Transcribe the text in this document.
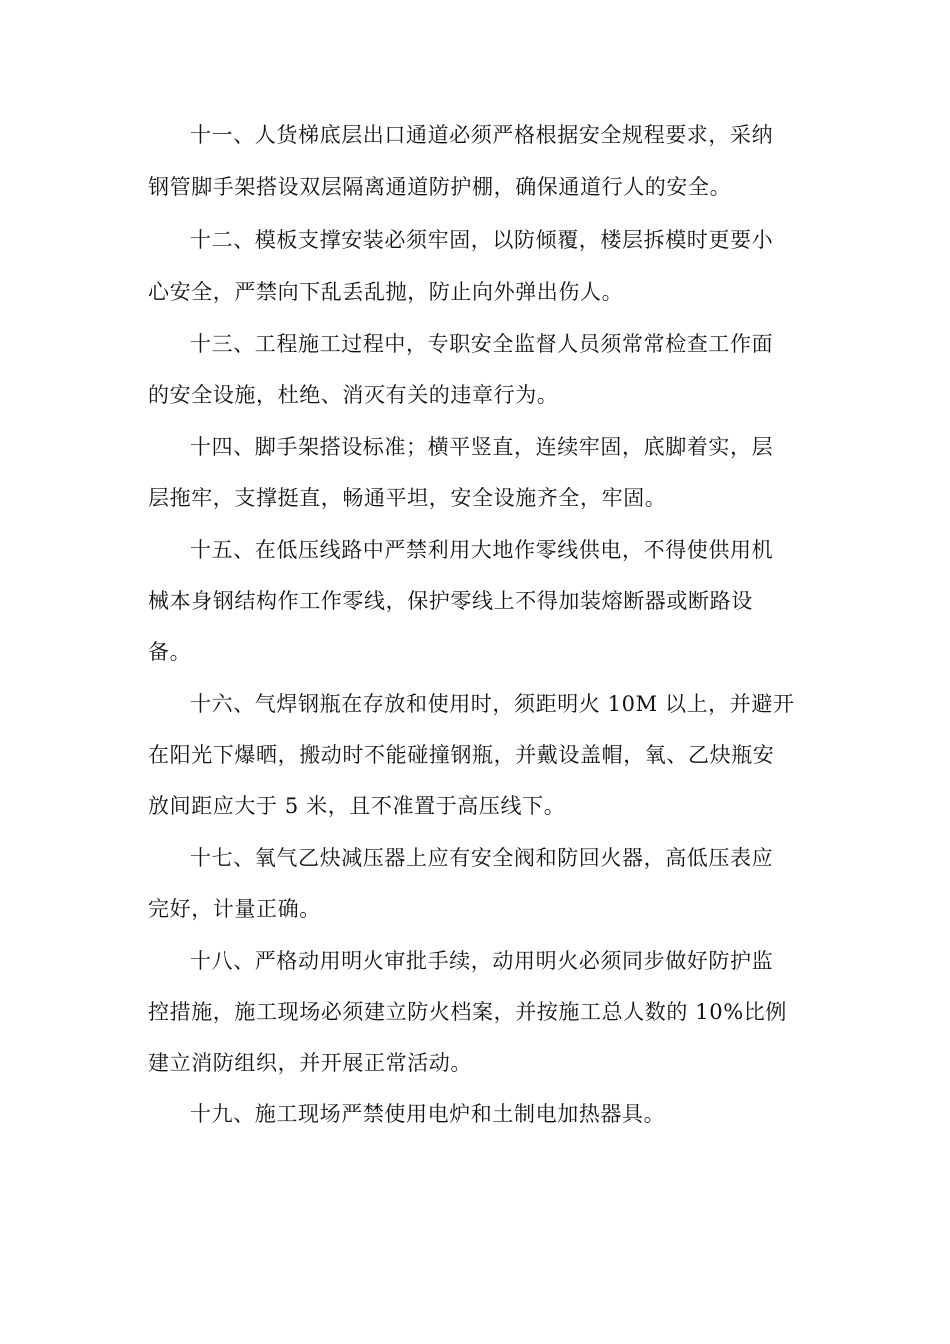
十一、人货梯底层出口通道必须严格根据安全规程要求，采纳
钢管脚手架搭设双层隔离通道防护棚，确保通道行人的安全。
十二、模板支撑安装必须牢固，以防倾覆，楼层拆模时更要小
心安全，严禁向下乱丢乱抛，防止向外弹出伤人。
十三、工程施工过程中，专职安全监督人员须常常检查工作面
的安全设施，杜绝、消灭有关的违章行为。
十四、脚手架搭设标准；横平竖直，连续牢固，底脚着实，层
层拖牢，支撑挺直，畅通平坦，安全设施齐全，牢固。
十五、在低压线路中严禁利用大地作零线供电，不得使供用机
械本身钢结构作工作零线，保护零线上不得加装熔断器或断路设
备。
十六、气焊钢瓶在存放和使用时，须距明火 10M 以上，并避开
在阳光下爆晒，搬动时不能碰撞钢瓶，并戴设盖帽，氧、乙炔瓶安
放间距应大于 5 米，且不准置于高压线下。
十七、氧气乙炔减压器上应有安全阀和防回火器，高低压表应
完好，计量正确。
十八、严格动用明火审批手续，动用明火必须同步做好防护监
控措施，施工现场必须建立防火档案，并按施工总人数的 10%比例
建立消防组织，并开展正常活动。
十九、施工现场严禁使用电炉和土制电加热器具。
